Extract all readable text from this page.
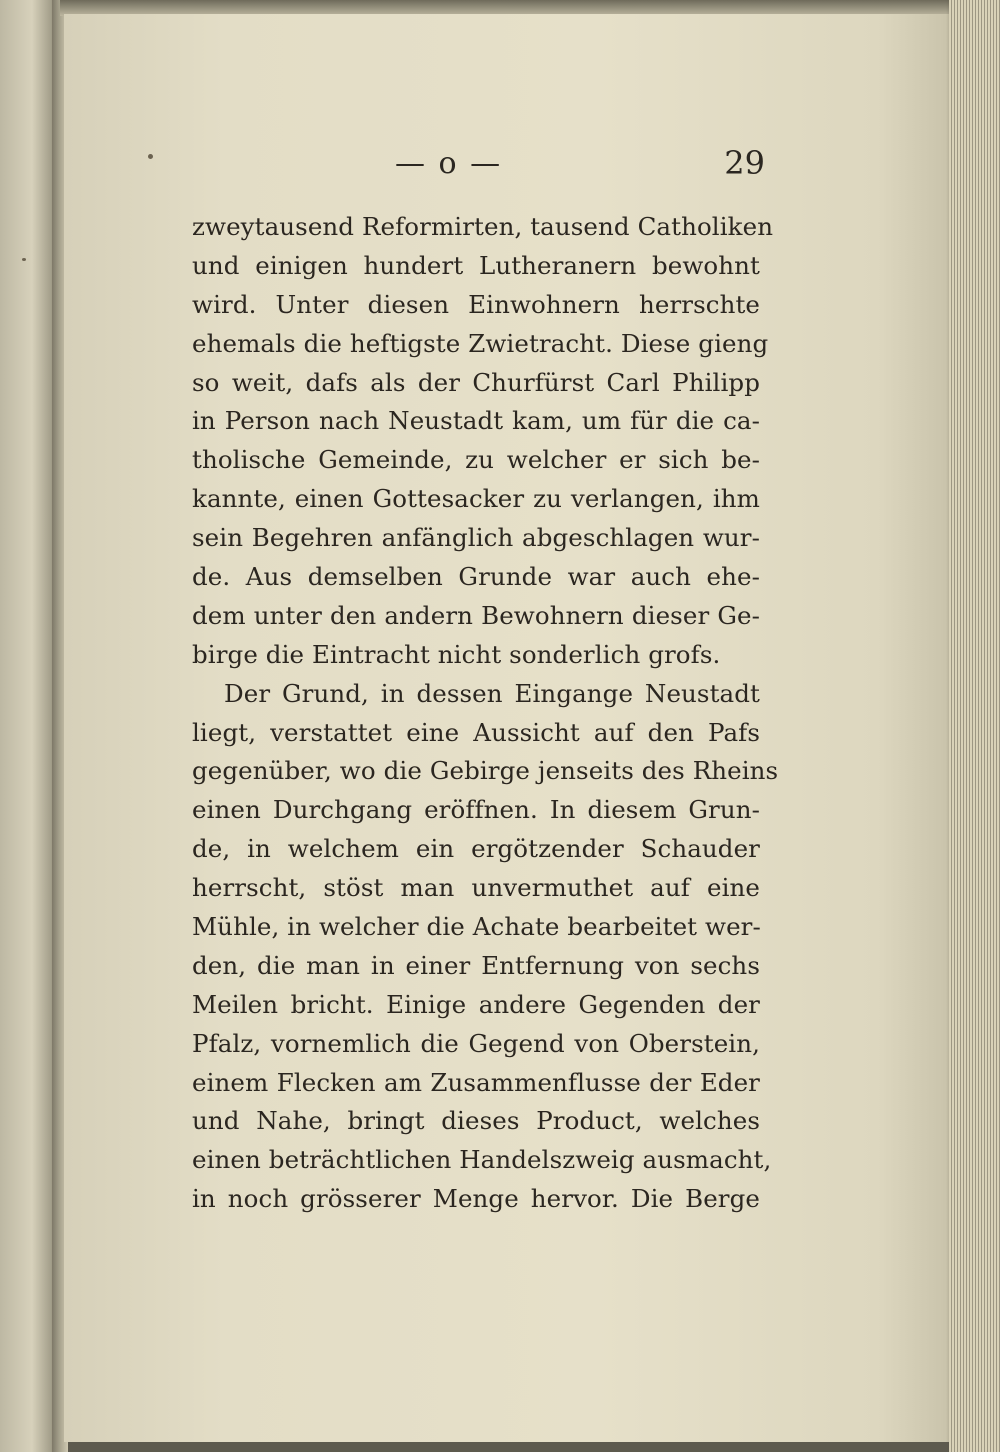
— o —	29
zweytausend Reformirten, tausend Catholiken
und einigen hundert Lutheranern bewohnt
wird. Unter diesen Einwohnern herrschte
ehemals die heftigste Zwietracht. Diese gieng
so weit, dafs als der Churfürst Carl Philipp
in Person nach Neustadt kam, um für die ca-
tholische Gemeinde, zu welcher er sich be-
kannte, einen Gottesacker zu verlangen, ihm
sein Begehren anfänglich abgeschlagen wur-
de. Aus demselben Grunde war auch ehe-
dem unter den andern Bewohnern dieser Ge-
birge die Eintracht nicht sonderlich grofs.
Der Grund, in dessen Eingange Neustadt
liegt, verstattet eine Aussicht auf den Pafs
gegenüber, wo die Gebirge jenseits des Rheins
einen Durchgang eröffnen. In diesem Grun-
de, in welchem ein ergötzender Schauder
herrscht, stöst man unvermuthet auf eine
Mühle, in welcher die Achate bearbeitet wer-
den, die man in einer Entfernung von sechs
Meilen bricht. Einige andere Gegenden der
Pfalz, vornemlich die Gegend von Oberstein,
einem Flecken am Zusammenflusse der Eder
und Nahe, bringt dieses Product, welches
einen beträchtlichen Handelszweig ausmacht,
in noch grösserer Menge hervor. Die Berge
